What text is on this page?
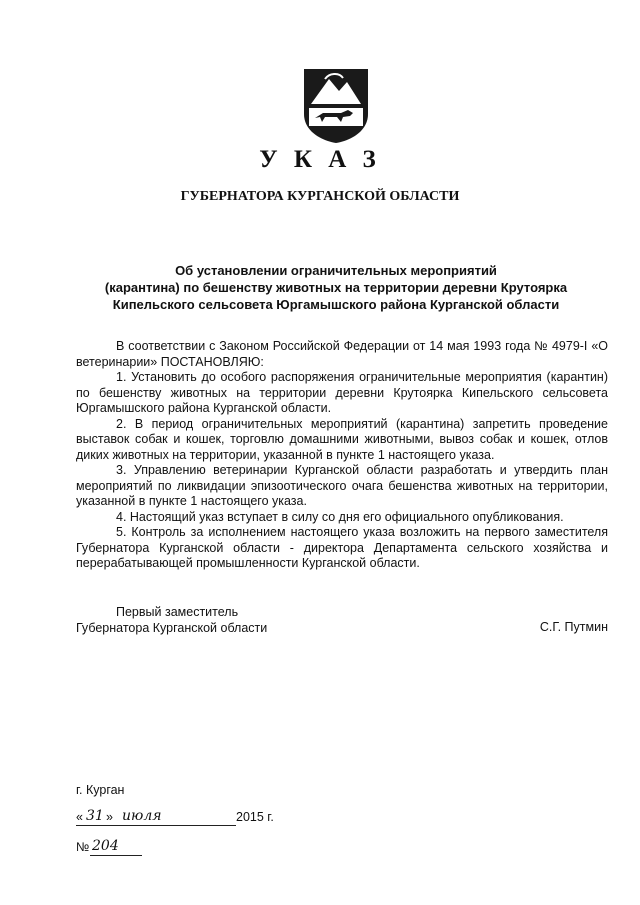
У К А З
ГУБЕРНАТОРА КУРГАНСКОЙ ОБЛАСТИ
Об установлении ограничительных мероприятий
(карантина) по бешенству животных на территории деревни Крутоярка
Кипельского сельсовета Юргамышского района Курганской области

В соответствии с Законом Российской Федерации от 14 мая 1993 года № 4979-I «О ветеринарии» ПОСТАНОВЛЯЮ:

1. Установить до особого распоряжения ограничительные мероприятия (карантин) по бешенству животных на территории деревни Крутоярка Кипельского сельсовета Юргамышского района Курганской области.

2. В период ограничительных мероприятий (карантина) запретить проведение выставок собак и кошек, торговлю домашними животными, вывоз собак и кошек, отлов диких животных на территории, указанной в пункте 1 настоящего указа.

3. Управлению ветеринарии Курганской области разработать и утвердить план мероприятий по ликвидации эпизоотического очага бешенства животных на территории, указанной в пункте 1 настоящего указа.

4. Настоящий указ вступает в силу со дня его официального опубликования.

5. Контроль за исполнением настоящего указа возложить на первого заместителя Губернатора Курганской области - директора Департамента сельского хозяйства и перерабатывающей промышленности Курганской области.

Первый заместитель
Губернатора Курганской области	С.Г. Путмин
г. Курган
« 31 » июля	2015 г.
№ 204
